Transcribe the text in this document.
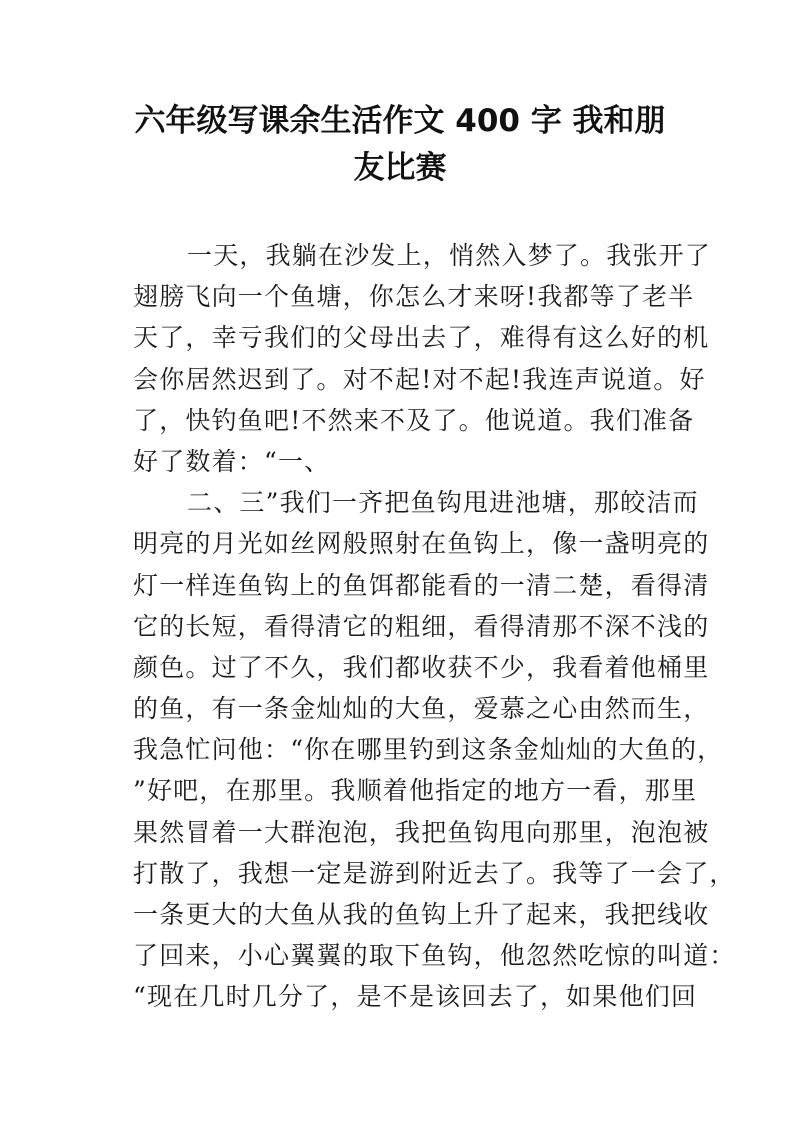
六年级写课余生活作文 400 字 我和朋
友比赛

一天，我躺在沙发上，悄然入梦了。我张开了
翅膀飞向一个鱼塘，你怎么才来呀!我都等了老半
天了，幸亏我们的父母出去了，难得有这么好的机
会你居然迟到了。对不起!对不起!我连声说道。好
了，快钓鱼吧!不然来不及了。他说道。我们准备
好了数着：“一、

二、三”我们一齐把鱼钩甩进池塘，那皎洁而
明亮的月光如丝网般照射在鱼钩上，像一盏明亮的
灯一样连鱼钩上的鱼饵都能看的一清二楚，看得清
它的长短，看得清它的粗细，看得清那不深不浅的
颜色。过了不久，我们都收获不少，我看着他桶里
的鱼，有一条金灿灿的大鱼，爱慕之心由然而生，
我急忙问他：“你在哪里钓到这条金灿灿的大鱼的，
”好吧，在那里。我顺着他指定的地方一看，那里
果然冒着一大群泡泡，我把鱼钩甩向那里，泡泡被
打散了，我想一定是游到附近去了。我等了一会了，
一条更大的大鱼从我的鱼钩上升了起来，我把线收
了回来，小心翼翼的取下鱼钩，他忽然吃惊的叫道：
“现在几时几分了，是不是该回去了，如果他们回
